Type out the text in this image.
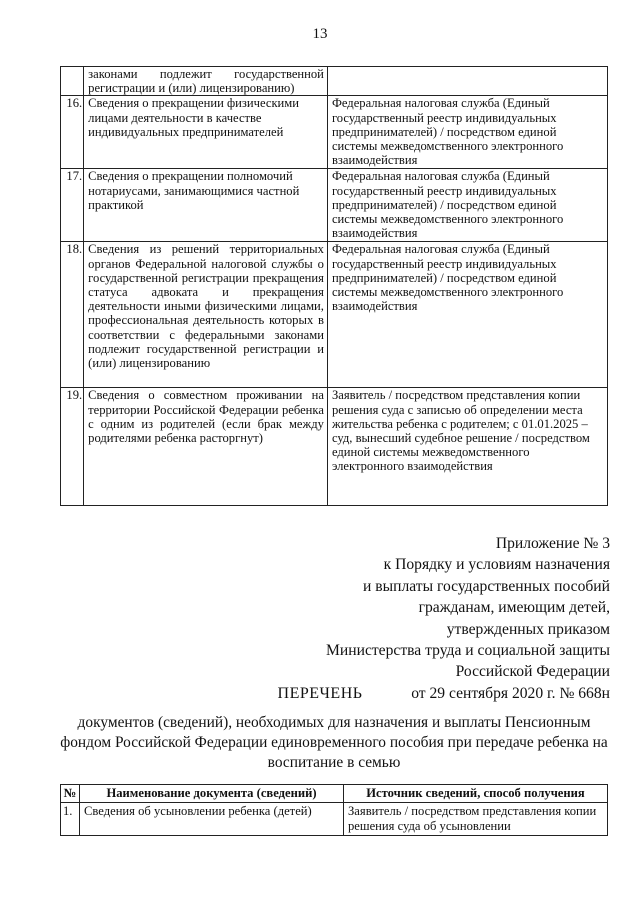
13
	законами подлежит государственной регистрации и (или) лицензированию)	
16.	Сведения о прекращении физическими лицами деятельности в качестве индивидуальных предпринимателей	Федеральная налоговая служба (Единый государственный реестр индивидуальных предпринимателей) / посредством единой системы межведомственного электронного взаимодействия
17.	Сведения о прекращении полномочий нотариусами, занимающимися частной практикой	Федеральная налоговая служба (Единый государственный реестр индивидуальных предпринимателей) / посредством единой системы межведомственного электронного взаимодействия
18.	Сведения из решений территориальных органов Федеральной налоговой службы о государственной регистрации прекращения статуса адвоката и прекращения деятельности иными физическими лицами, профессиональная деятельность которых в соответствии с федеральными законами подлежит государственной регистрации и (или) лицензированию	Федеральная налоговая служба (Единый государственный реестр индивидуальных предпринимателей) / посредством единой системы межведомственного электронного взаимодействия
19.	Сведения о совместном проживании на территории Российской Федерации ребенка с одним из родителей (если брак между родителями ребенка расторгнут)	Заявитель / посредством представления копии решения суда с записью об определении места жительства ребенка с родителем; с 01.01.2025 – суд, вынесший судебное решение / посредством единой системы межведомственного электронного взаимодействия
Приложение № 3
к Порядку и условиям назначения
и выплаты государственных пособий
гражданам, имеющим детей,
утвержденных приказом
Министерства труда и социальной защиты
Российской Федерации
от 29 сентября 2020 г. № 668н
ПЕРЕЧЕНЬ
документов (сведений), необходимых для назначения и выплаты Пенсионным фондом Российской Федерации единовременного пособия при передаче ребенка на воспитание в семью
№	Наименование документа (сведений)	Источник сведений, способ получения
1.	Сведения об усыновлении ребенка (детей)	Заявитель / посредством представления копии решения суда об усыновлении
